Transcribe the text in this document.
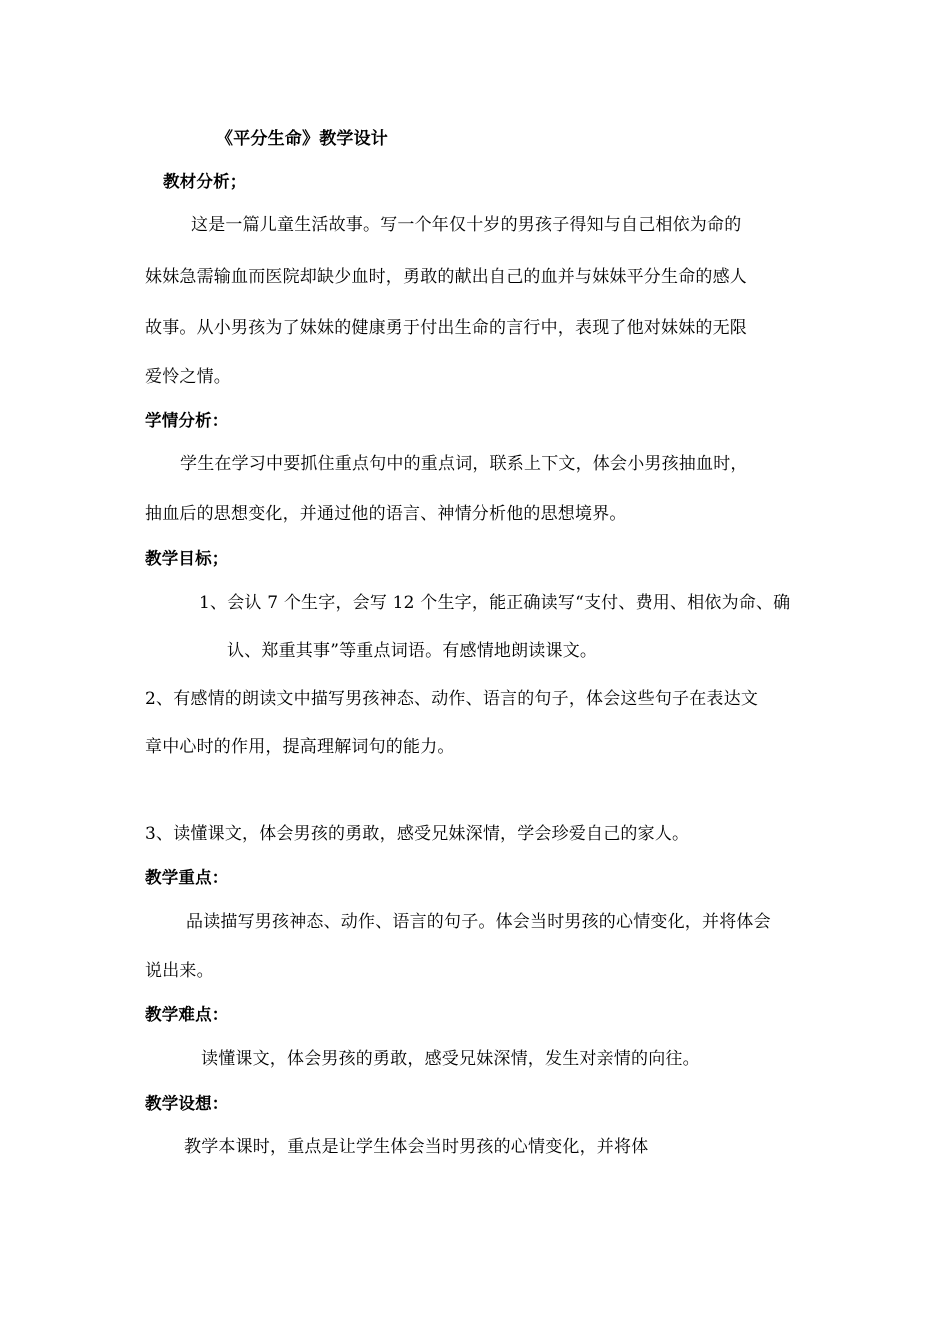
《平分生命》教学设计
教材分析；
这是一篇儿童生活故事。写一个年仅十岁的男孩子得知与自己相依为命的
妹妹急需输血而医院却缺少血时，勇敢的献出自己的血并与妹妹平分生命的感人
故事。从小男孩为了妹妹的健康勇于付出生命的言行中，表现了他对妹妹的无限
爱怜之情。
学情分析：
学生在学习中要抓住重点句中的重点词，联系上下文，体会小男孩抽血时，
抽血后的思想变化，并通过他的语言、神情分析他的思想境界。
教学目标；
1、会认 7 个生字，会写 12 个生字，能正确读写“支付、费用、相依为命、确
认、郑重其事”等重点词语。有感情地朗读课文。
2、有感情的朗读文中描写男孩神态、动作、语言的句子，体会这些句子在表达文
章中心时的作用，提高理解词句的能力。
3、读懂课文，体会男孩的勇敢，感受兄妹深情，学会珍爱自己的家人。
教学重点：
品读描写男孩神态、动作、语言的句子。体会当时男孩的心情变化，并将体会
说出来。
教学难点：
读懂课文，体会男孩的勇敢，感受兄妹深情，发生对亲情的向往。
教学设想：
教学本课时，重点是让学生体会当时男孩的心情变化，并将体
